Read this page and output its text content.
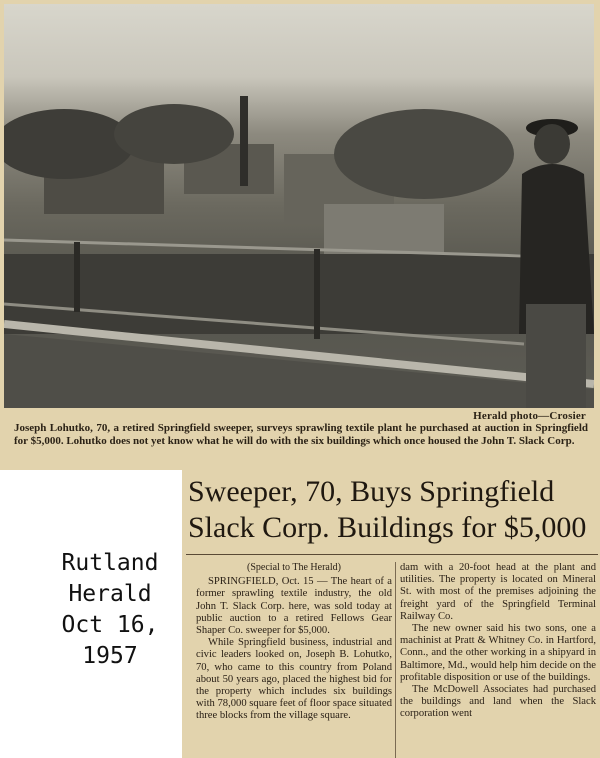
Herald photo—Crosier
Joseph Lohutko, 70, a retired Springfield sweeper, surveys sprawling textile plant he purchased at auction in Springfield for $5,000. Lohutko does not yet know what he will do with the six buildings which once housed the John T. Slack Corp.
Sweeper, 70, Buys Springfield
Slack Corp. Buildings for $5,000
(Special to The Herald)

SPRINGFIELD, Oct. 15 — The heart of a former sprawling textile industry, the old John T. Slack Corp. here, was sold today at public auction to a retired Fellows Gear Shaper Co. sweeper for $5,000.

While Springfield business, industrial and civic leaders looked on, Joseph B. Lohutko, 70, who came to this country from Poland about 50 years ago, placed the highest bid for the property which includes six buildings with 78,000 square feet of floor space situated three blocks from the village square.

dam with a 20-foot head at the plant and utilities. The property is located on Mineral St. with most of the premises adjoining the freight yard of the Springfield Terminal Railway Co.

The new owner said his two sons, one a machinist at Pratt & Whitney Co. in Hartford, Conn., and the other working in a shipyard in Baltimore, Md., would help him decide on the profitable disposition or use of the buildings.

The McDowell Associates had purchased the buildings and land when the Slack corporation went

Rutland
Herald
Oct 16,
1957
